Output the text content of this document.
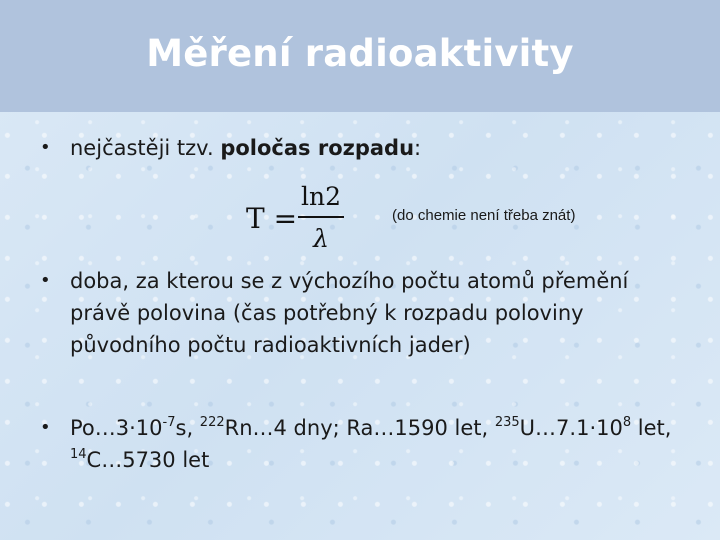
Měření radioaktivity
• nejčastěji tzv. poločas rozpadu:
T =
ln2
λ
(do chemie není třeba znát)
• doba, za kterou se z výchozího počtu atomů přemění právě polovina (čas potřebný k rozpadu poloviny původního počtu radioaktivních jader)
• $Po\dots 3\cdot 10^{-7}s$, $^{222}$Rn…4 dny; Ra…1590 let, $^{235}U\dots 7.1\cdot 10^8$ let, $^{14}$C…5730 let
